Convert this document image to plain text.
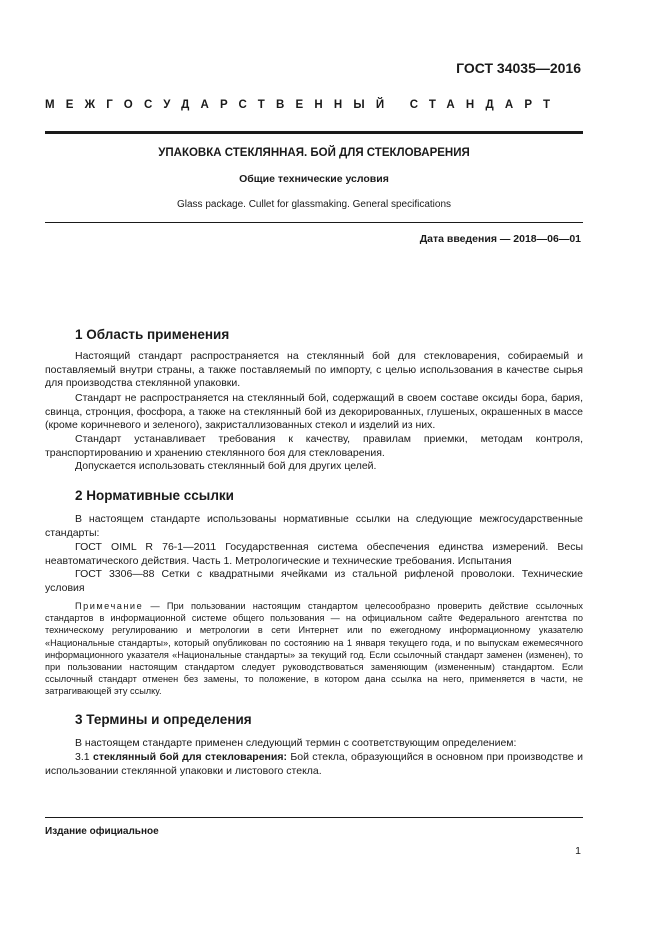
ГОСТ 34035—2016
МЕЖГОСУДАРСТВЕННЫЙ СТАНДАРТ
УПАКОВКА СТЕКЛЯННАЯ. БОЙ ДЛЯ СТЕКЛОВАРЕНИЯ
Общие технические условия
Glass package. Cullet for glassmaking. General specifications
Дата введения — 2018—06—01
1 Область применения

Настоящий стандарт распространяется на стеклянный бой для стекловарения, собираемый и поставляемый внутри страны, а также поставляемый по импорту, с целью использования в качестве сырья для производства стеклянной упаковки.

Стандарт не распространяется на стеклянный бой, содержащий в своем составе оксиды бора, бария, свинца, стронция, фосфора, а также на стеклянный бой из декорированных, глушеных, окрашенных в массе (кроме коричневого и зеленого), закристаллизованных стекол и изделий из них.

Стандарт устанавливает требования к качеству, правилам приемки, методам контроля, транспортированию и хранению стеклянного боя для стекловарения.

Допускается использовать стеклянный бой для других целей.

2 Нормативные ссылки

В настоящем стандарте использованы нормативные ссылки на следующие межгосударственные стандарты:

ГОСТ OIML R 76-1—2011 Государственная система обеспечения единства измерений. Весы неавтоматического действия. Часть 1. Метрологические и технические требования. Испытания

ГОСТ 3306—88 Сетки с квадратными ячейками из стальной рифленой проволоки. Технические условия

Примечание — При пользовании настоящим стандартом целесообразно проверить действие ссылочных стандартов в информационной системе общего пользования — на официальном сайте Федерального агентства по техническому регулированию и метрологии в сети Интернет или по ежегодному информационному указателю «Национальные стандарты», который опубликован по состоянию на 1 января текущего года, и по выпускам ежемесячного информационного указателя «Национальные стандарты» за текущий год. Если ссылочный стандарт заменен (изменен), то при пользовании настоящим стандартом следует руководствоваться заменяющим (измененным) стандартом. Если ссылочный стандарт отменен без замены, то положение, в котором дана ссылка на него, применяется в части, не затрагивающей эту ссылку.

3 Термины и определения

В настоящем стандарте применен следующий термин с соответствующим определением:

3.1 стеклянный бой для стекловарения: Бой стекла, образующийся в основном при производстве и использовании стеклянной упаковки и листового стекла.

Издание официальное
1
